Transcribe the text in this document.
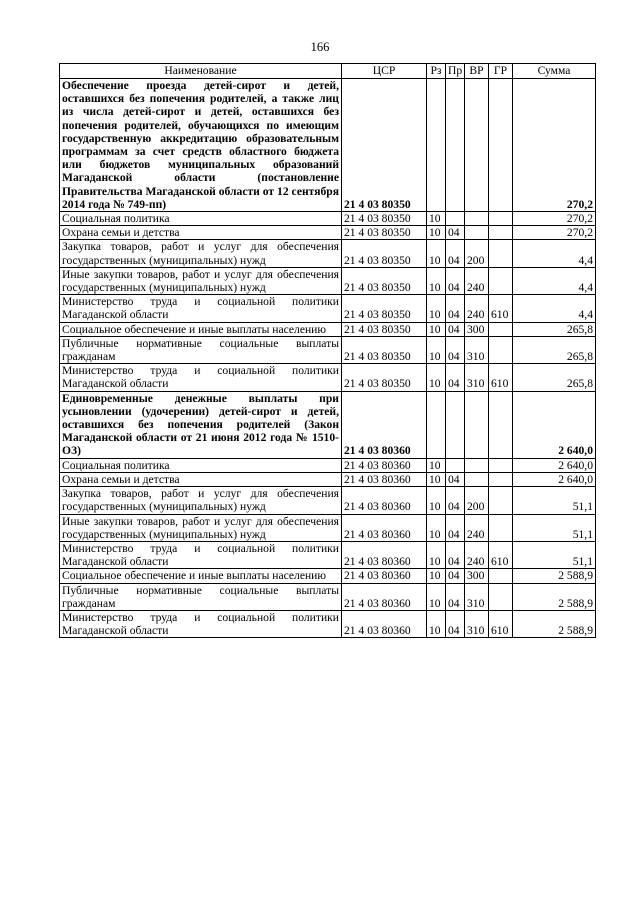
166
Наименование	ЦСР	Рз	Пр	ВР	ГР	Сумма
Обеспечение проезда детей-сирот и детей, оставшихся без попечения родителей, а также лиц из числа детей-сирот и детей, оставшихся без попечения родителей, обучающихся по имеющим государственную аккредитацию образовательным программам за счет средств областного бюджета или бюджетов муниципальных образований Магаданской области (постановление Правительства Магаданской области от 12 сентября 2014 года № 749-пп)	21 4 03 80350					270,2
Социальная политика	21 4 03 80350	10				270,2
Охрана семьи и детства	21 4 03 80350	10	04			270,2
Закупка товаров, работ и услуг для обеспечения государственных (муниципальных) нужд	21 4 03 80350	10	04	200		4,4
Иные закупки товаров, работ и услуг для обеспечения государственных (муниципальных) нужд	21 4 03 80350	10	04	240		4,4
Министерство труда и социальной политики Магаданской области	21 4 03 80350	10	04	240	610	4,4
Социальное обеспечение и иные выплаты населению	21 4 03 80350	10	04	300		265,8
Публичные нормативные социальные выплаты гражданам	21 4 03 80350	10	04	310		265,8
Министерство труда и социальной политики Магаданской области	21 4 03 80350	10	04	310	610	265,8
Единовременные денежные выплаты при усыновлении (удочерении) детей-сирот и детей, оставшихся без попечения родителей (Закон Магаданской области от 21 июня 2012 года № 1510-ОЗ)	21 4 03 80360					2 640,0
Социальная политика	21 4 03 80360	10				2 640,0
Охрана семьи и детства	21 4 03 80360	10	04			2 640,0
Закупка товаров, работ и услуг для обеспечения государственных (муниципальных) нужд	21 4 03 80360	10	04	200		51,1
Иные закупки товаров, работ и услуг для обеспечения государственных (муниципальных) нужд	21 4 03 80360	10	04	240		51,1
Министерство труда и социальной политики Магаданской области	21 4 03 80360	10	04	240	610	51,1
Социальное обеспечение и иные выплаты населению	21 4 03 80360	10	04	300		2 588,9
Публичные нормативные социальные выплаты гражданам	21 4 03 80360	10	04	310		2 588,9
Министерство труда и социальной политики Магаданской области	21 4 03 80360	10	04	310	610	2 588,9
